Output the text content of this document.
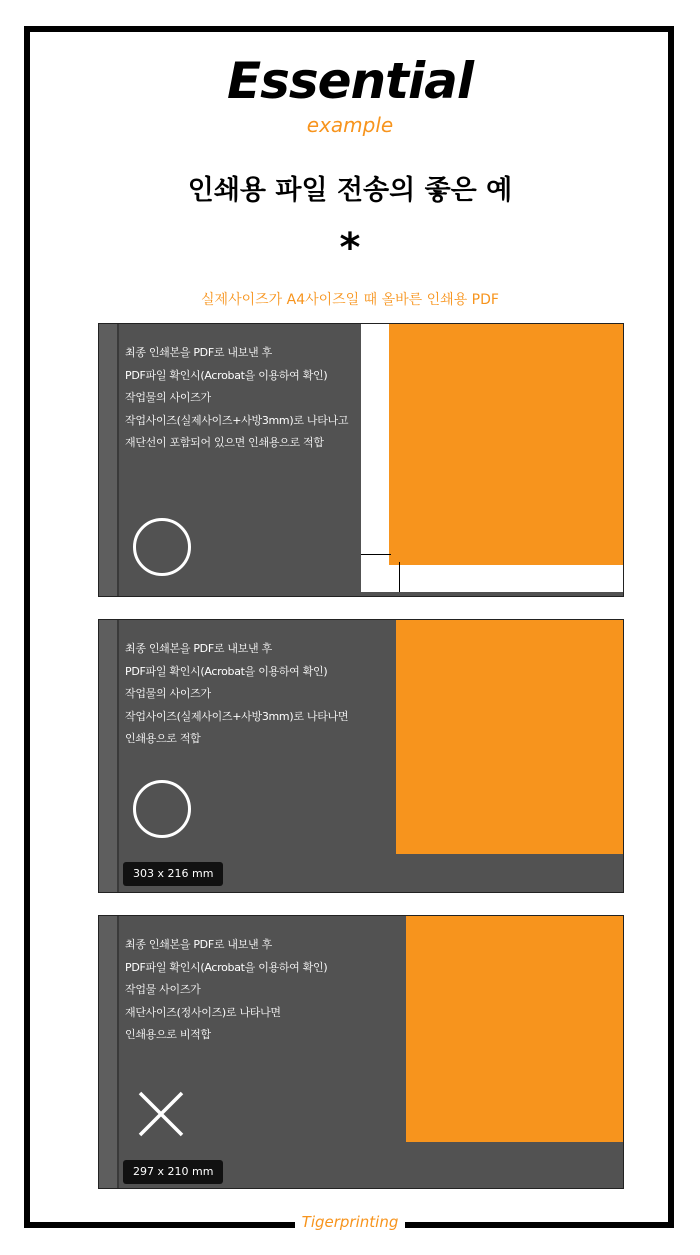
Tigerprinting
Essential
example
인쇄용 파일 전송의 좋은 예
*
실제사이즈가 A4사이즈일 때 올바른 인쇄용 PDF
최종 인쇄본을 PDF로 내보낸 후
PDF파일 확인시(Acrobat을 이용하여 확인)
작업물의 사이즈가
작업사이즈(실제사이즈+사방3mm)로 나타나고
재단선이 포함되어 있으면 인쇄용으로 적합
최종 인쇄본을 PDF로 내보낸 후
PDF파일 확인시(Acrobat을 이용하여 확인)
작업물의 사이즈가
작업사이즈(실제사이즈+사방3mm)로 나타나면
인쇄용으로 적합
303 x 216 mm
최종 인쇄본을 PDF로 내보낸 후
PDF파일 확인시(Acrobat을 이용하여 확인)
작업물 사이즈가
재단사이즈(정사이즈)로 나타나면
인쇄용으로 비적합
297 x 210 mm
